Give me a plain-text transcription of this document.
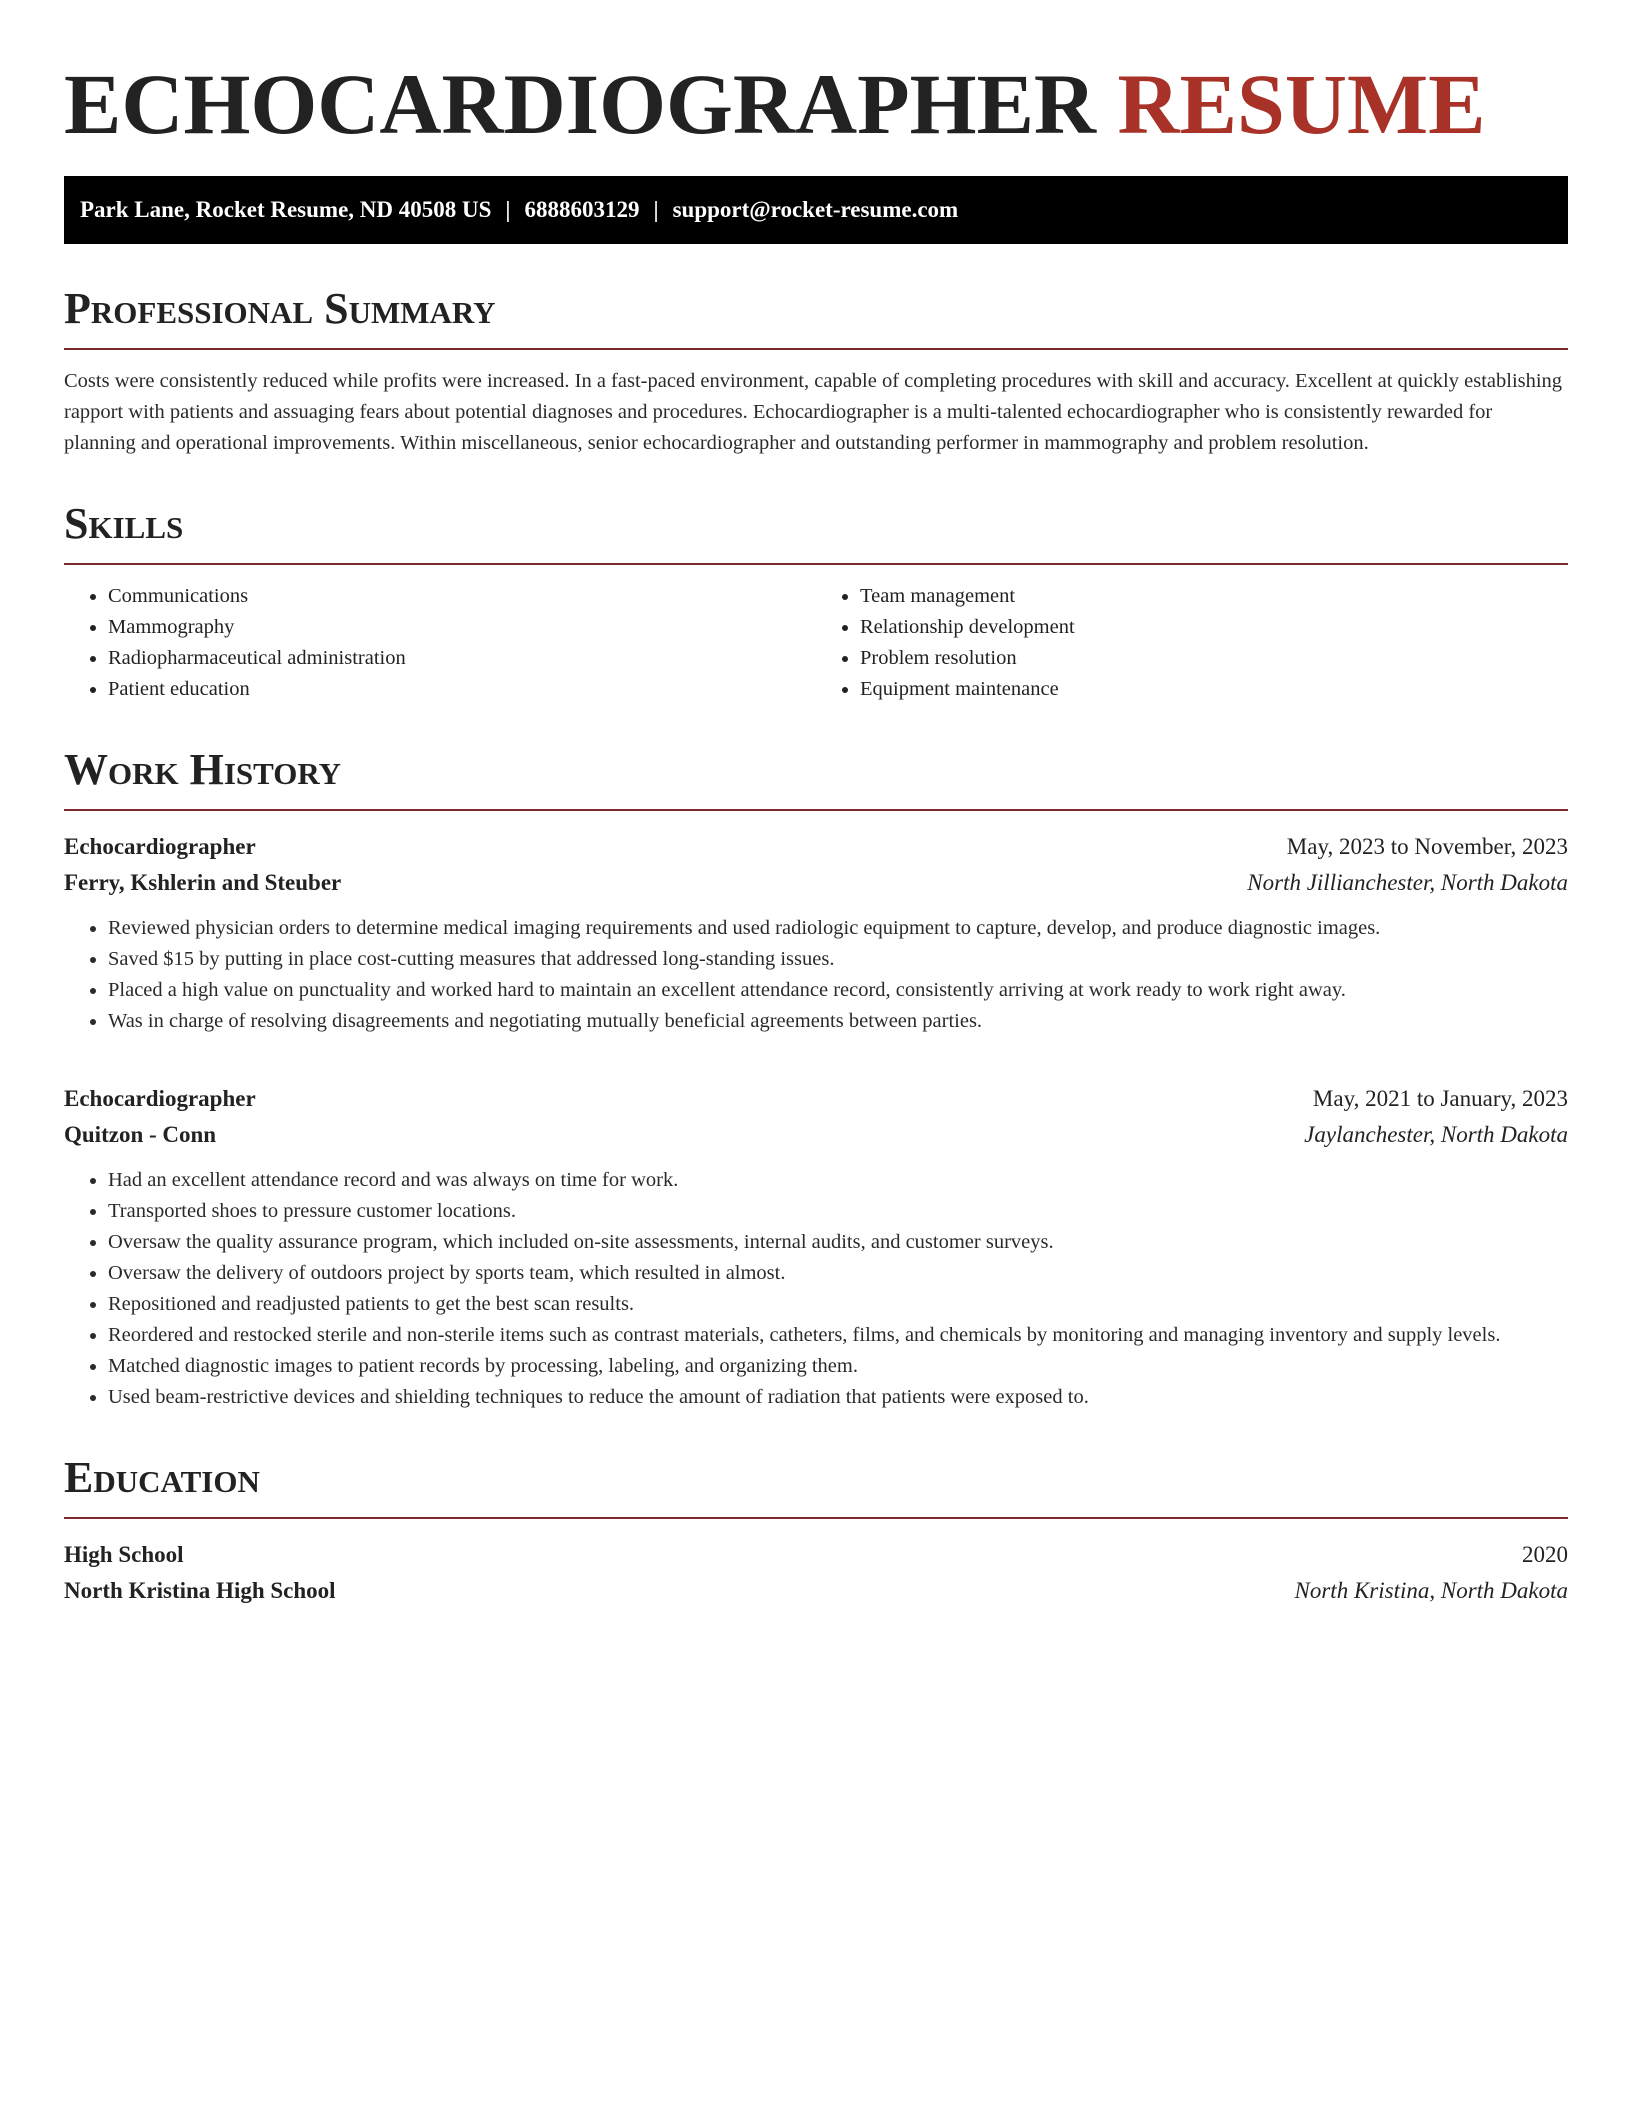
ECHOCARDIOGRAPHER RESUME
Park Lane, Rocket Resume, ND 40508 US | 6888603129 | support@rocket-resume.com
Professional Summary

Costs were consistently reduced while profits were increased. In a fast-paced environment, capable of completing procedures with skill and accuracy. Excellent at quickly establishing rapport with patients and assuaging fears about potential diagnoses and procedures. Echocardiographer is a multi-talented echocardiographer who is consistently rewarded for planning and operational improvements. Within miscellaneous, senior echocardiographer and outstanding performer in mammography and problem resolution.

Skills
• Communications
• Mammography
• Radiopharmaceutical administration
• Patient education
• Team management
• Relationship development
• Problem resolution
• Equipment maintenance
Work History
Echocardiographer	May, 2023 to November, 2023
Ferry, Kshlerin and Steuber	North Jillianchester, North Dakota
• Reviewed physician orders to determine medical imaging requirements and used radiologic equipment to capture, develop, and produce diagnostic images.
• Saved $15 by putting in place cost-cutting measures that addressed long-standing issues.
• Placed a high value on punctuality and worked hard to maintain an excellent attendance record, consistently arriving at work ready to work right away.
• Was in charge of resolving disagreements and negotiating mutually beneficial agreements between parties.
Echocardiographer	May, 2021 to January, 2023
Quitzon - Conn	Jaylanchester, North Dakota
• Had an excellent attendance record and was always on time for work.
• Transported shoes to pressure customer locations.
• Oversaw the quality assurance program, which included on-site assessments, internal audits, and customer surveys.
• Oversaw the delivery of outdoors project by sports team, which resulted in almost.
• Repositioned and readjusted patients to get the best scan results.
• Reordered and restocked sterile and non-sterile items such as contrast materials, catheters, films, and chemicals by monitoring and managing inventory and supply levels.
• Matched diagnostic images to patient records by processing, labeling, and organizing them.
• Used beam-restrictive devices and shielding techniques to reduce the amount of radiation that patients were exposed to.
Education
High School	2020
North Kristina High School	North Kristina, North Dakota
